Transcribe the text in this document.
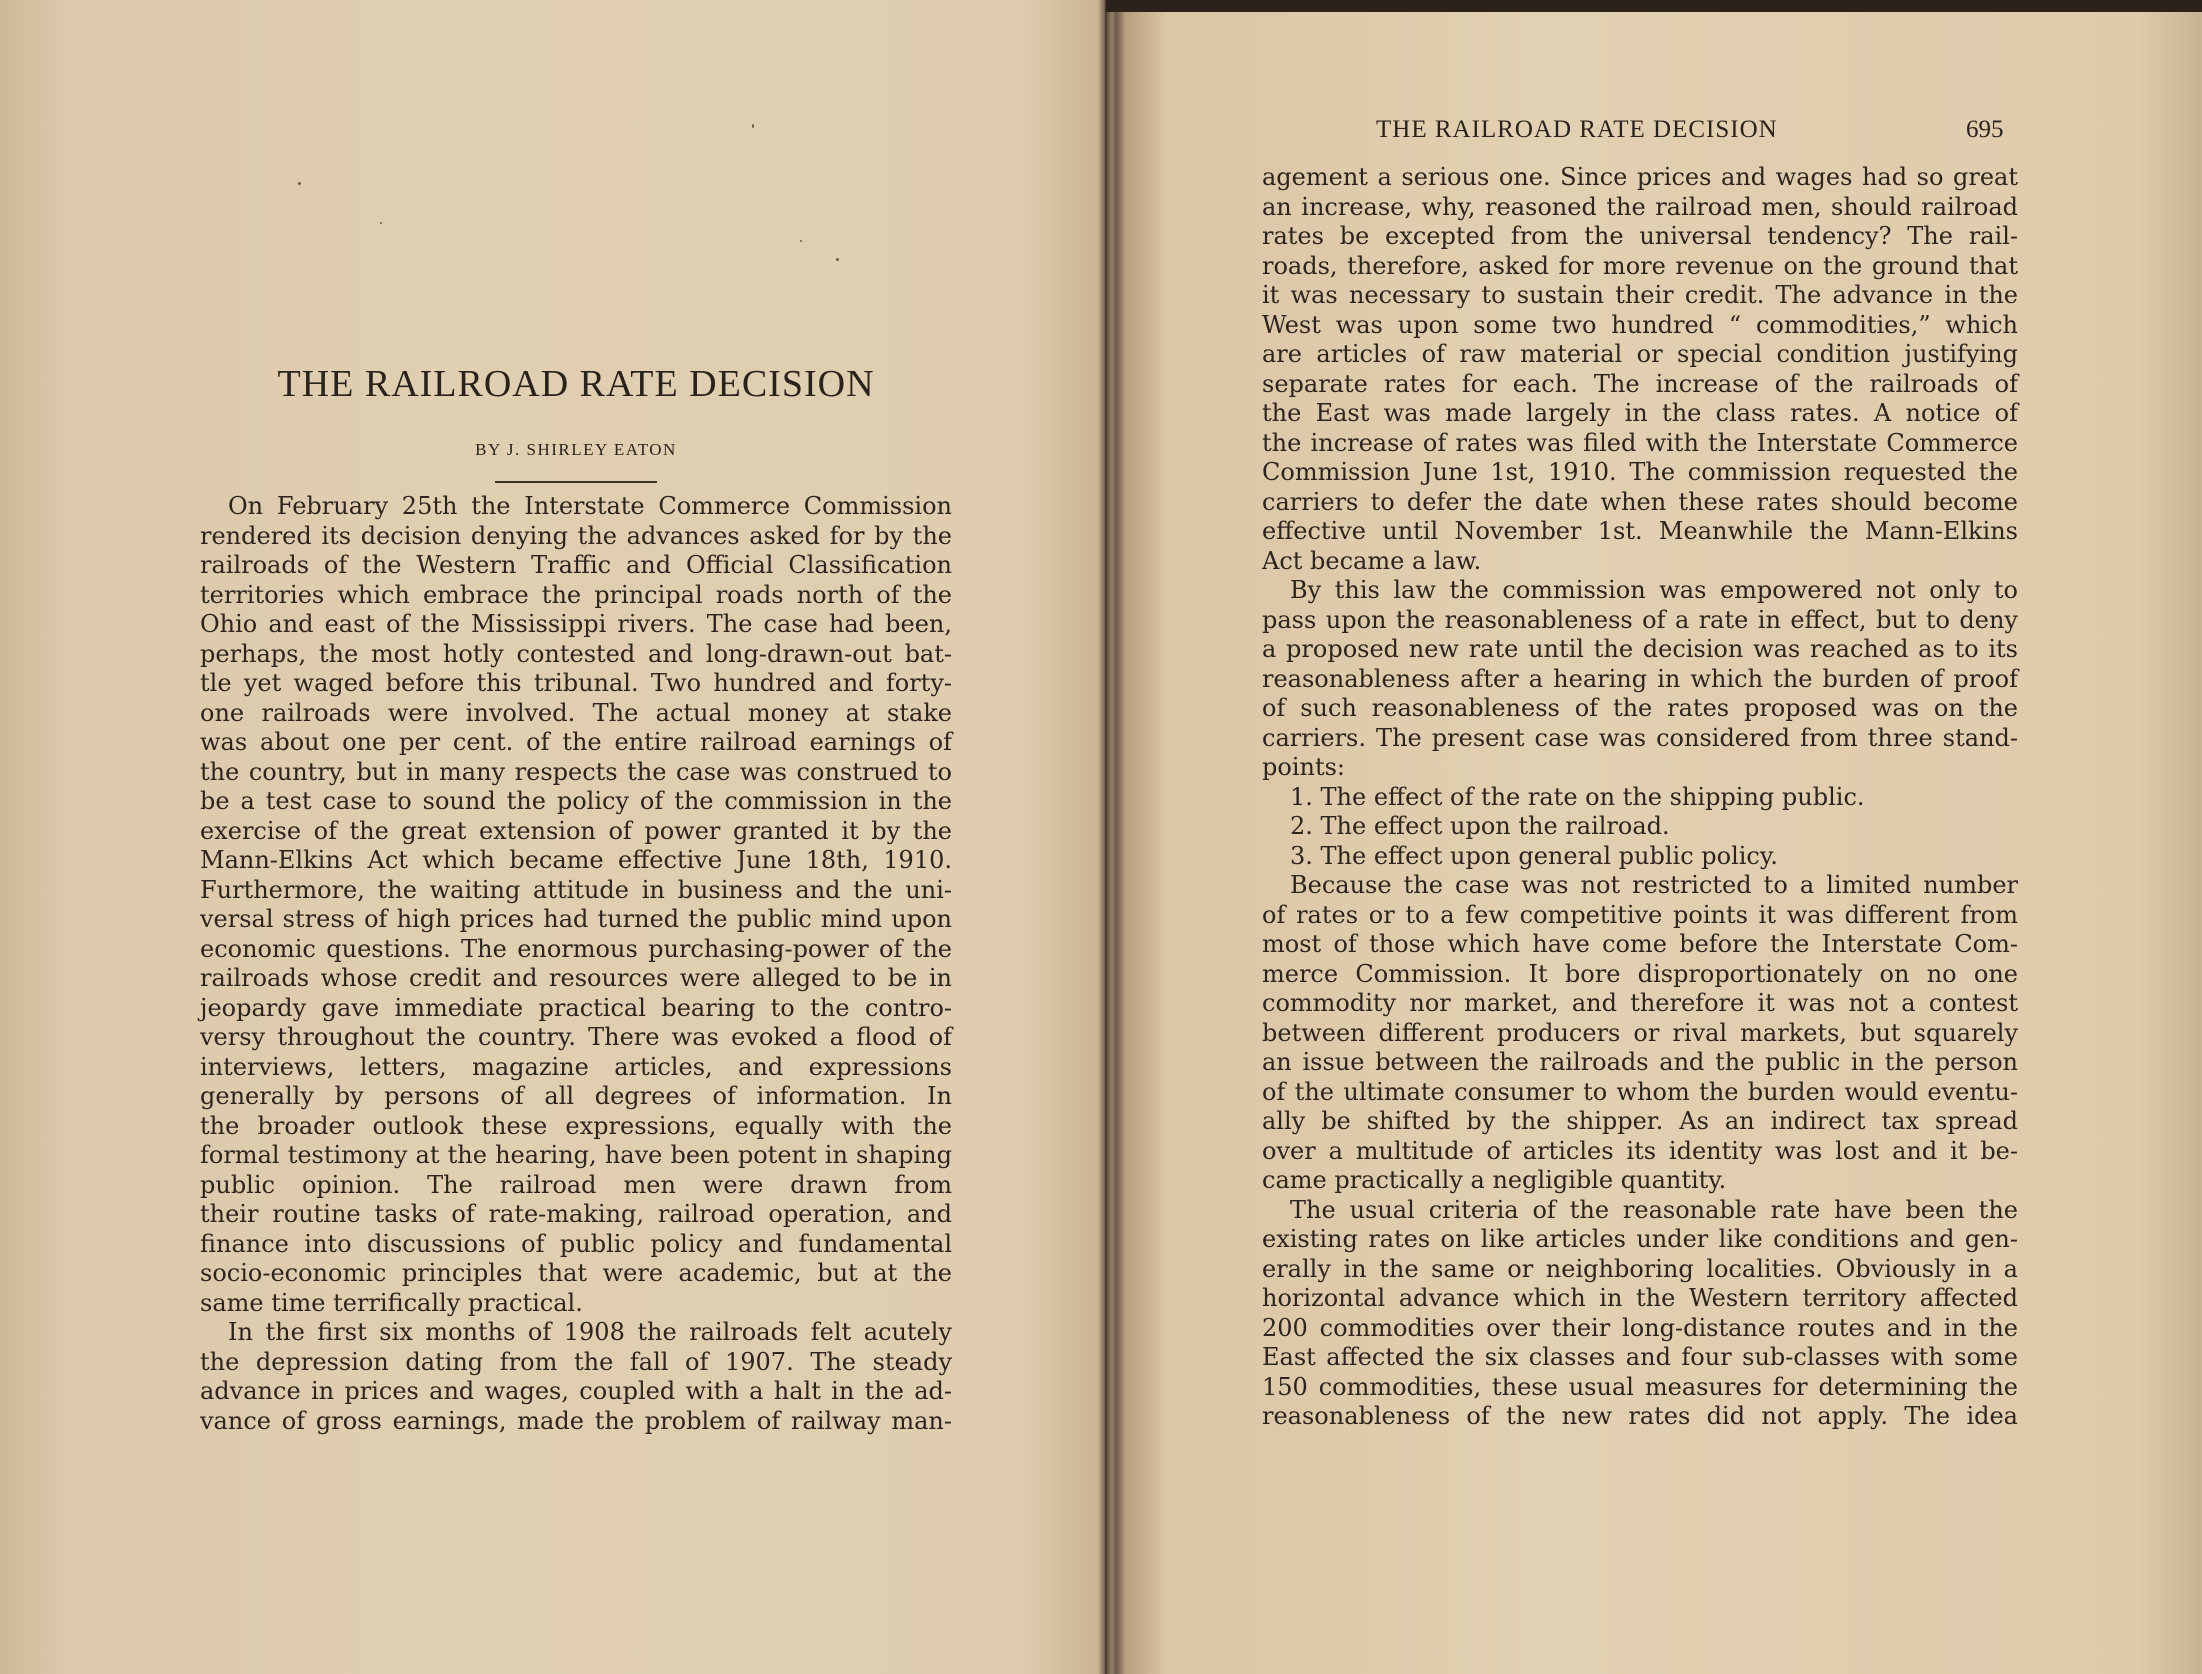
THE RAILROAD RATE DECISION
BY J. SHIRLEY EATON
On February 25th the Interstate Commerce Commission
rendered its decision denying the advances asked for by the
railroads of the Western Traffic and Official Classification
territories which embrace the principal roads north of the
Ohio and east of the Mississippi rivers. The case had been,
perhaps, the most hotly contested and long-drawn-out bat-
tle yet waged before this tribunal. Two hundred and forty-
one railroads were involved. The actual money at stake
was about one per cent. of the entire railroad earnings of
the country, but in many respects the case was construed to
be a test case to sound the policy of the commission in the
exercise of the great extension of power granted it by the
Mann-Elkins Act which became effective June 18th, 1910.
Furthermore, the waiting attitude in business and the uni-
versal stress of high prices had turned the public mind upon
economic questions. The enormous purchasing-power of the
railroads whose credit and resources were alleged to be in
jeopardy gave immediate practical bearing to the contro-
versy throughout the country. There was evoked a flood of
interviews, letters, magazine articles, and expressions
generally by persons of all degrees of information. In
the broader outlook these expressions, equally with the
formal testimony at the hearing, have been potent in shaping
public opinion. The railroad men were drawn from
their routine tasks of rate-making, railroad operation, and
finance into discussions of public policy and fundamental
socio-economic principles that were academic, but at the
same time terrifically practical.
In the first six months of 1908 the railroads felt acutely
the depression dating from the fall of 1907. The steady
advance in prices and wages, coupled with a halt in the ad-
vance of gross earnings, made the problem of railway man-
THE RAILROAD RATE DECISION	695
agement a serious one. Since prices and wages had so great
an increase, why, reasoned the railroad men, should railroad
rates be excepted from the universal tendency? The rail-
roads, therefore, asked for more revenue on the ground that
it was necessary to sustain their credit. The advance in the
West was upon some two hundred “ commodities,” which
are articles of raw material or special condition justifying
separate rates for each. The increase of the railroads of
the East was made largely in the class rates. A notice of
the increase of rates was filed with the Interstate Commerce
Commission June 1st, 1910. The commission requested the
carriers to defer the date when these rates should become
effective until November 1st. Meanwhile the Mann-Elkins
Act became a law.
By this law the commission was empowered not only to
pass upon the reasonableness of a rate in effect, but to deny
a proposed new rate until the decision was reached as to its
reasonableness after a hearing in which the burden of proof
of such reasonableness of the rates proposed was on the
carriers. The present case was considered from three stand-
points:
1. The effect of the rate on the shipping public.
2. The effect upon the railroad.
3. The effect upon general public policy.
Because the case was not restricted to a limited number
of rates or to a few competitive points it was different from
most of those which have come before the Interstate Com-
merce Commission. It bore disproportionately on no one
commodity nor market, and therefore it was not a contest
between different producers or rival markets, but squarely
an issue between the railroads and the public in the person
of the ultimate consumer to whom the burden would eventu-
ally be shifted by the shipper. As an indirect tax spread
over a multitude of articles its identity was lost and it be-
came practically a negligible quantity.
The usual criteria of the reasonable rate have been the
existing rates on like articles under like conditions and gen-
erally in the same or neighboring localities. Obviously in a
horizontal advance which in the Western territory affected
200 commodities over their long-distance routes and in the
East affected the six classes and four sub-classes with some
150 commodities, these usual measures for determining the
reasonableness of the new rates did not apply. The idea
